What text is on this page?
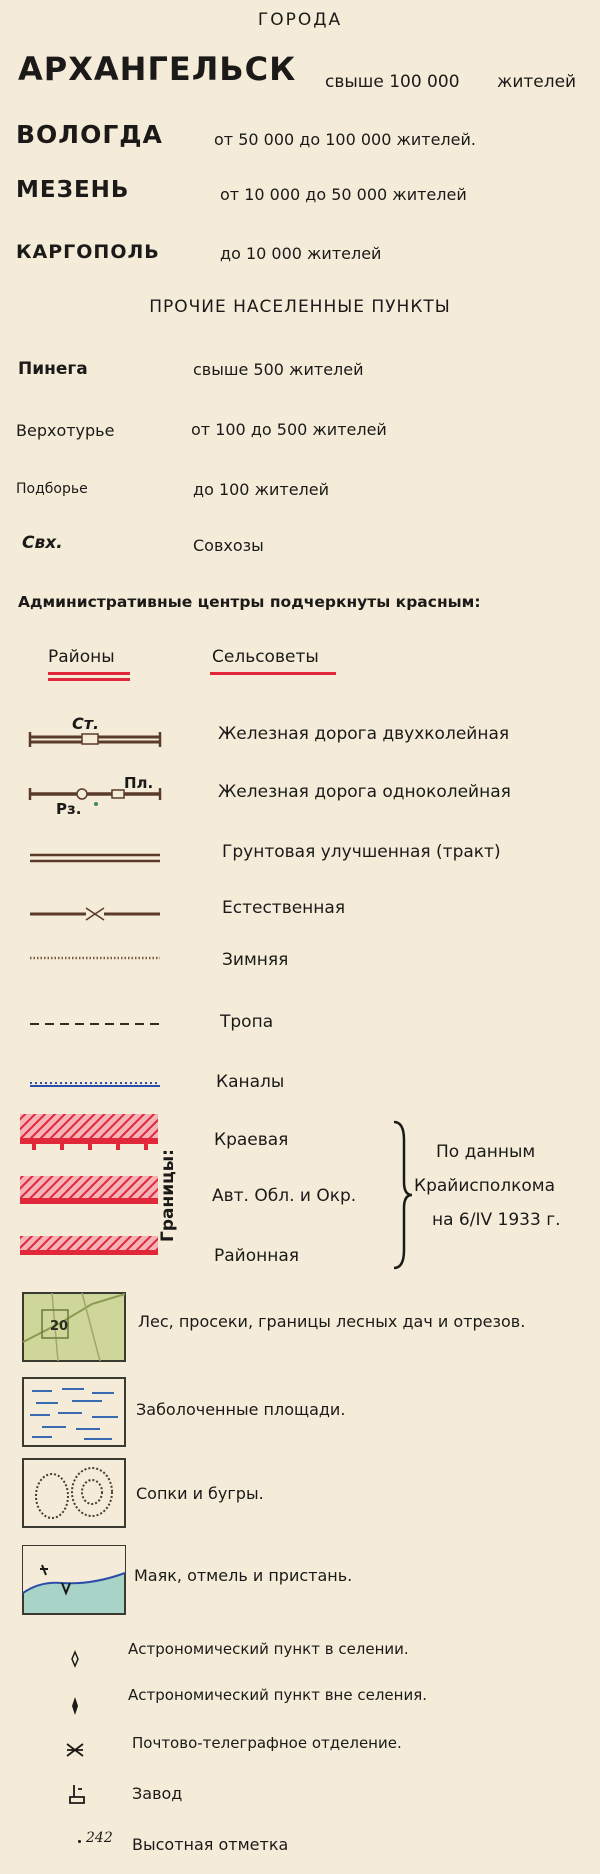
ГОРОДА
АРХАНГЕЛЬСК свыше 100 000 жителей
ВОЛОГДА	от 50 000 до 100 000 жителей.
МЕЗЕНЬ	от 10 000 до 50 000 жителей
КАРГОПОЛЬ	до 10 000 жителей
ПРОЧИЕ НАСЕЛЕННЫЕ ПУНКТЫ
Пинега	свыше 500 жителей
Верхотурье	от 100 до 500 жителей
Подборье	до 100 жителей
Свх.	Совхозы
Административные центры подчеркнуты красным:
Районы	Сельсоветы
Ст.
Железная дорога двухколейная
Пл.
Рз.
Железная дорога одноколейная
Грунтовая улучшенная (тракт)
Естественная
Зимняя
Тропа
Каналы
Границы:
Краевая
Авт. Обл. и Окр.
Районная
По данным
Крайисполкома
на 6/IV 1933 г.
20	Лес, просеки, границы лесных дач и отрезов.
Заболоченные площади.
Сопки и бугры.
Маяк, отмель и пристань.
Астрономический пункт в селении.
Астрономический пункт вне селения.
Почтово-телеграфное отделение.
Завод
242 Высотная отметка
